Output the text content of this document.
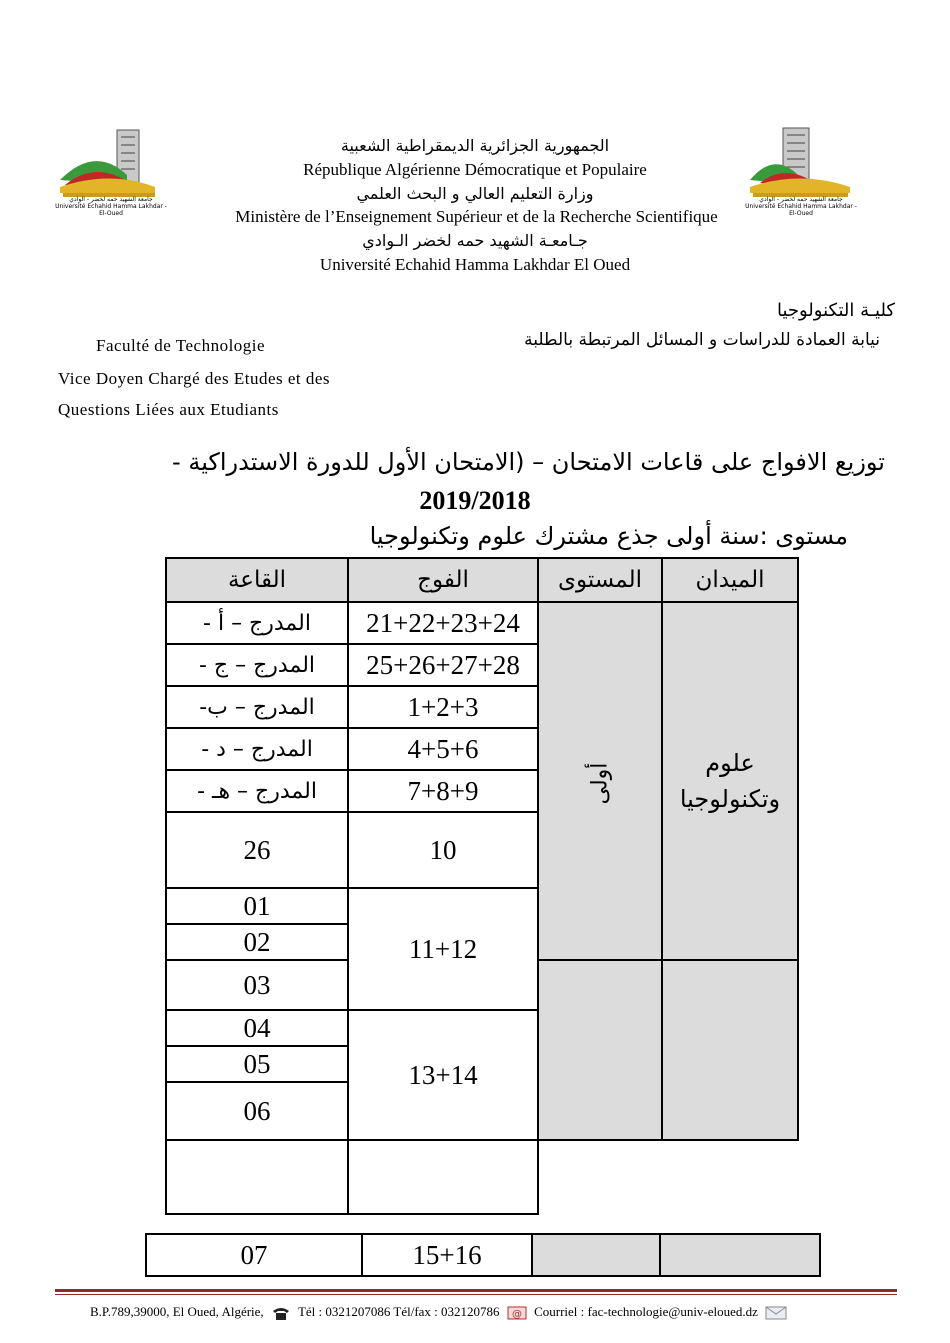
جامعة الشهيد حمه لخضر - الوادي
Université Echahid Hamma Lakhdar - El-Oued
جامعة الشهيد حمه لخضر - الوادي
Université Echahid Hamma Lakhdar - El-Oued
الجمهورية الجزائرية الديمقراطية الشعبية
République Algérienne Démocratique et Populaire
وزارة التعليم العالي و البحث العلمي
Ministère de l’Enseignement Supérieur et de la Recherche Scientifique
جـامعـة الشهيد حمه لخضر الـوادي
Université Echahid Hamma Lakhdar El Oued
كليـة التكنولوجيا
نيابة العمادة للدراسات و المسائل المرتبطة بالطلبة
Faculté de Technologie
Vice Doyen Chargé des Etudes et des
Questions Liées aux Etudiants
توزيع الافواج على قاعات الامتحان – (الامتحان الأول للدورة الاستدراكية -
2019/2018
مستوى :سنة أولى جذع مشترك علوم وتكنولوجيا
القاعة	الفوج	المستوى	الميدان
المدرج – أ -	21+22+23+24	أولى	علوم
وتكنولوجيا

المدرج – ج -	25+26+27+28		
المدرج – ب-	1+2+3		
المدرج – د -	4+5+6		
المدرج – هـ -	7+8+9		
26	10		
01	11+12		
02			
03			
04	13+14		
05			
06			

07	15+16		
B.P.789,39000, El Oued, Algérie,	Tél : 0321207086 Tél/fax : 032120786 @ Courriel : fac-technologie@univ-eloued.dz
